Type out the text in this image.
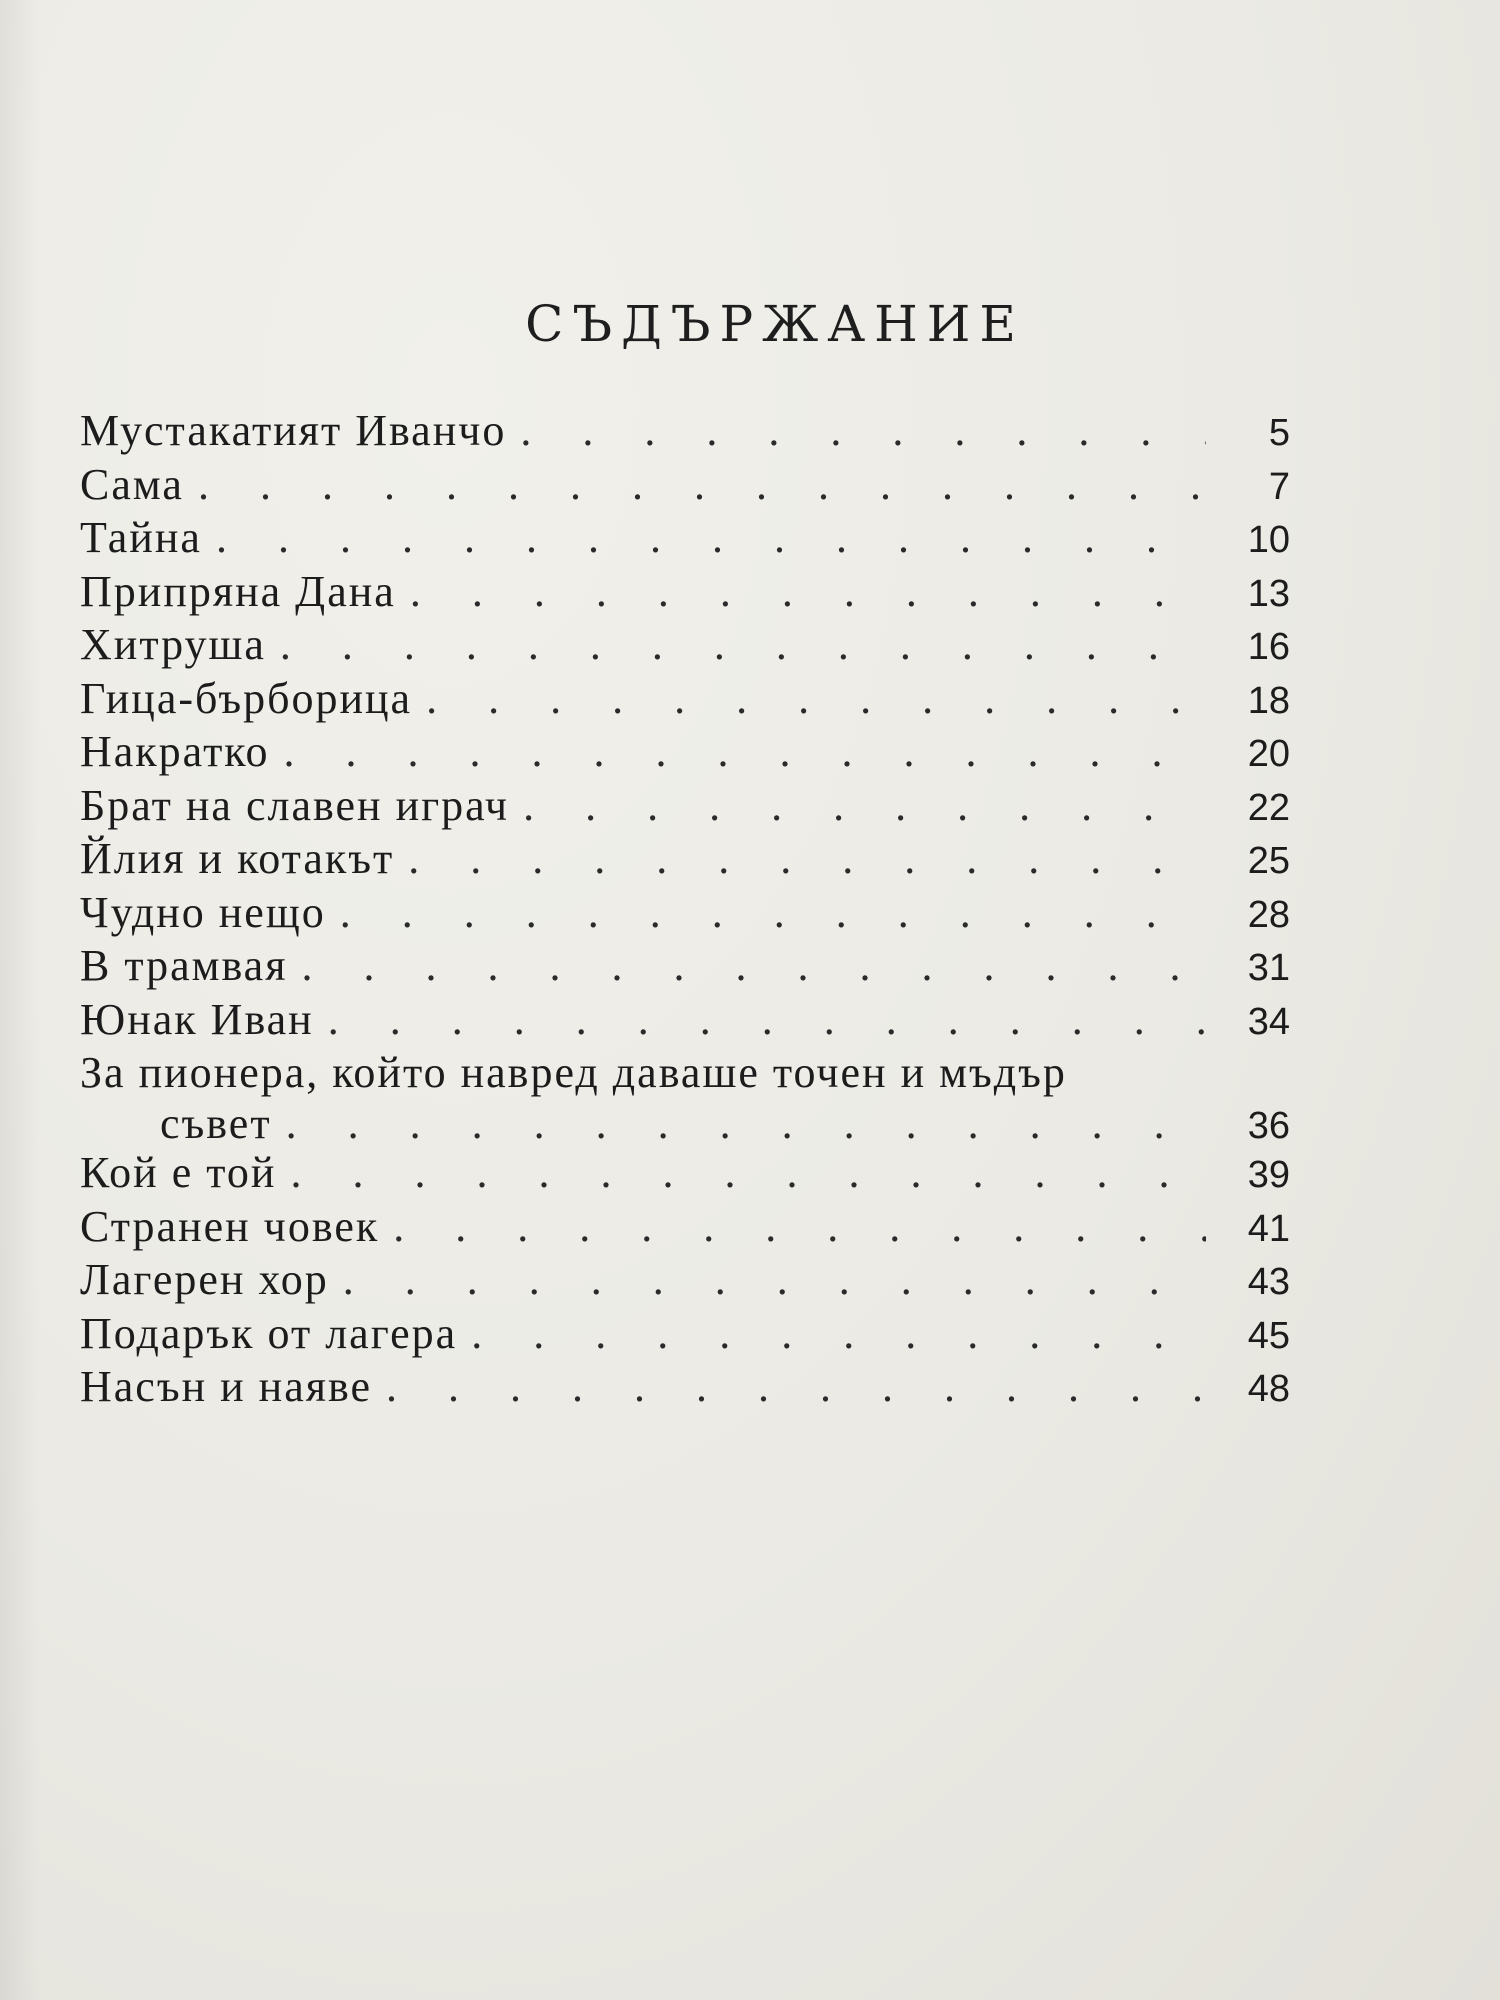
СЪДЪРЖАНИЕ
Мустакатият Иванчо . . .	5
Сама . . .	7
Тайна . . .	10
Припряна Дана . . .	13
Хитруша . . .	16
Гица-бърборица . . .	18
Накратко . . .	20
Брат на славен играч . . .	22
Йлия и котакът . . .	25
Чудно нещо . . .	28
В трамвая . . .	31
Юнак Иван . . .	34
За пионера, който навред даваше точен и мъдър
съвет . . .	36
Кой е той . . .	39
Странен човек . . .	41
Лагерен хор . . .	43
Подарък от лагера . . .	45
Насън и наяве . . .	48
